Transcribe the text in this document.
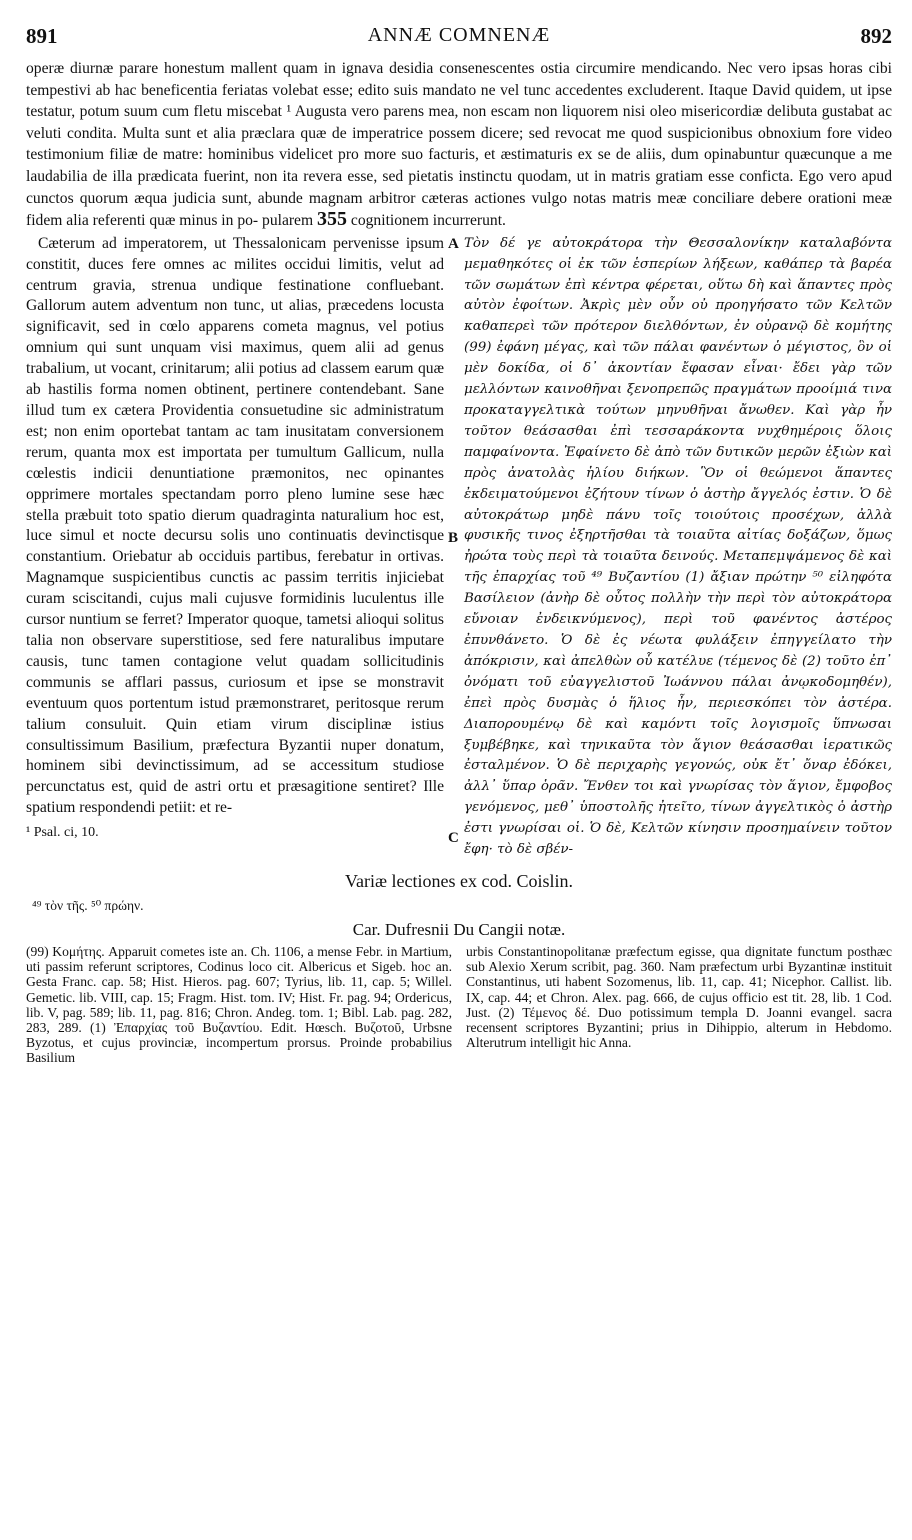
891	ANNÆ COMNENÆ	892

operæ diurnæ parare honestum mallent quam in ignava desidia consenescentes ostia circumire mendicando. Nec vero ipsas horas cibi tempestivi ab hac beneficentia feriatas volebat esse; edito suis mandato ne vel tunc accedentes excluderent. Itaque David quidem, ut ipse testatur, potum suum cum fletu miscebat ¹ Augusta vero parens mea, non escam non liquorem nisi oleo misericordiæ delibuta gustabat ac veluti condita. Multa sunt et alia præclara quæ de imperatrice possem dicere; sed revocat me quod suspicionibus obnoxium fore video testimonium filiæ de matre: hominibus videlicet pro more suo facturis, et æstimaturis ex se de aliis, dum opinabuntur quæcunque a me laudabilia de illa prædicata fuerint, non ita revera esse, sed pietatis instinctu quodam, ut in matris gratiam esse conficta. Ego vero apud cunctos quorum æqua judicia sunt, abunde magnam arbitror cæteras actiones vulgo notas matris meæ conciliare debere orationi meæ fidem alia referenti quæ minus in po- pularem 355 cognitionem incurrerunt.

Cæterum ad imperatorem, ut Thessalonicam pervenisse ipsum constitit, duces fere omnes ac milites occidui limitis, velut ad centrum gravia, strenua undique festinatione confluebant. Gallorum autem adventum non tunc, ut alias, præcedens locusta significavit, sed in cœlo apparens cometa magnus, vel potius omnium qui sunt unquam visi maximus, quem alii ad genus trabalium, ut vocant, crinitarum; alii potius ad classem earum quæ ab hastilis forma nomen obtinent, pertinere contendebant. Sane illud tum ex cætera Providentia consuetudine sic administratum est; non enim oportebat tantam ac tam inusitatam conversionem rerum, quanta mox est importata per tumultum Gallicum, nulla cœlestis indicii denuntiatione præmonitos, nec opinantes opprimere mortales spectandam porro pleno lumine sese hæc stella præbuit toto spatio dierum quadraginta naturalium hoc est, luce simul et nocte decursu solis uno continuatis devinctisque constantium. Oriebatur ab occiduis partibus, ferebatur in ortivas. Magnamque suspicientibus cunctis ac passim territis injiciebat curam sciscitandi, cujus mali cujusve formidinis luculentus ille cursor nuntium se ferret? Imperator quoque, tametsi alioqui solitus talia non observare superstitiose, sed fere naturalibus imputare causis, tunc tamen contagione velut quadam sollicitudinis communis se afflari passus, curiosum et ipse se monstravit eventuum quos portentum istud præmonstraret, peritosque rerum talium consuluit. Quin etiam virum disciplinæ istius consultissimum Basilium, præfectura Byzantii nuper donatum, hominem sibi devinctissimum, ad se accessitum studiose percunctatus est, quid de astri ortu et præsagitione sentiret? Ille spatium respondendi petiit: et re-

¹ Psal. ci, 10.
A
B
C

Τὸν δέ γε αὐτοκράτορα τὴν Θεσσαλονίκην καταλαβόντα μεμαθηκότες οἱ ἐκ τῶν ἑσπερίων λήξεων, καθάπερ τὰ βαρέα τῶν σωμάτων ἐπὶ κέντρα φέρεται, οὕτω δὴ καὶ ἅπαντες πρὸς αὐτὸν ἐφοίτων. Ἀκρὶς μὲν οὖν οὐ προηγήσατο τῶν Κελτῶν καθαπερεὶ τῶν πρότερον διελθόντων, ἐν οὐρανῷ δὲ κομήτης (99) ἐφάνη μέγας, καὶ τῶν πάλαι φανέντων ὁ μέγιστος, ὃν οἱ μὲν δοκίδα, οἱ δ᾽ ἀκοντίαν ἔφασαν εἶναι· ἔδει γὰρ τῶν μελλόντων καινοθῆναι ξενοπρεπῶς πραγμάτων προοίμιά τινα προκαταγγελτικὰ τούτων μηνυθῆναι ἄνωθεν. Καὶ γὰρ ἦν τοῦτον θεάσασθαι ἐπὶ τεσσαράκοντα νυχθημέροις ὅλοις παμφαίνοντα. Ἐφαίνετο δὲ ἀπὸ τῶν δυτικῶν μερῶν ἐξιὼν καὶ πρὸς ἀνατολὰς ἡλίου διήκων. Ὃν οἱ θεώμενοι ἅπαντες ἐκδειματούμενοι ἐζήτουν τίνων ὁ ἀστὴρ ἄγγελός ἐστιν. Ὁ δὲ αὐτοκράτωρ μηδὲ πάνυ τοῖς τοιούτοις προσέχων, ἀλλὰ φυσικῆς τινος ἐξηρτῆσθαι τὰ τοιαῦτα αἰτίας δοξάζων, ὅμως ἠρώτα τοὺς περὶ τὰ τοιαῦτα δεινούς. Μεταπεμψάμενος δὲ καὶ τῆς ἐπαρχίας τοῦ ⁴⁹ Βυζαντίου (1) ἄξιαν πρώτην ⁵⁰ εἰληφότα Βασίλειον (ἀνὴρ δὲ οὗτος πολλὴν τὴν περὶ τὸν αὐτοκράτορα εὔνοιαν ἐνδεικνύμενος), περὶ τοῦ φανέντος ἀστέρος ἐπυνθάνετο. Ὁ δὲ ἐς νέωτα φυλάξειν ἐπηγγείλατο τὴν ἀπόκρισιν, καὶ ἀπελθὼν οὗ κατέλυε (τέμενος δὲ (2) τοῦτο ἐπ᾽ ὀνόματι τοῦ εὐαγγελιστοῦ Ἰωάννου πάλαι ἀνῳκοδομηθέν), ἐπεὶ πρὸς δυσμὰς ὁ ἥλιος ἦν, περιεσκόπει τὸν ἀστέρα. Διαπορουμένῳ δὲ καὶ καμόντι τοῖς λογισμοῖς ὕπνωσαι ξυμβέβηκε, καὶ τηνικαῦτα τὸν ἅγιον θεάσασθαι ἱερατικῶς ἐσταλμένον. Ὁ δὲ περιχαρὴς γεγονώς, οὐκ ἔτ᾽ ὄναρ ἐδόκει, ἀλλ᾽ ὕπαρ ὁρᾶν. Ἔνθεν τοι καὶ γνωρίσας τὸν ἅγιον, ἔμφοβος γενόμενος, μεθ᾽ ὑποστολῆς ἠτεῖτο, τίνων ἀγγελτικὸς ὁ ἀστὴρ ἐστι γνωρίσαι οἱ. Ὁ δὲ, Κελτῶν κίνησιν προσημαίνειν τοῦτον ἔφη· τὸ δὲ σβέν-

Variæ lectiones ex cod. Coislin.
⁴⁹ τὸν τῆς. ⁵⁰ πρώην.
Car. Dufresnii Du Cangii notæ.

(99) Κομήτης. Apparuit cometes iste an. Ch. 1106, a mense Febr. in Martium, uti passim referunt scriptores, Codinus loco cit. Albericus et Sigeb. hoc an. Gesta Franc. cap. 58; Hist. Hieros. pag. 607; Tyrius, lib. 11, cap. 5; Willel. Gemetic. lib. VIII, cap. 15; Fragm. Hist. tom. IV; Hist. Fr. pag. 94; Ordericus, lib. V, pag. 589; lib. 11, pag. 816; Chron. Andeg. tom. 1; Bibl. Lab. pag. 282, 283, 289. (1) Ἐπαρχίας τοῦ Βυζαντίου. Edit. Hœsch. Βυζοτοῦ, Urbsne Byzotus, et cujus provinciæ, incompertum prorsus. Proinde probabilius Basilium

urbis Constantinopolitanæ præfectum egisse, qua dignitate functum posthæc sub Alexio Xerum scribit, pag. 360. Nam præfectum urbi Byzantinæ instituit Constantinus, uti habent Sozomenus, lib. 11, cap. 41; Nicephor. Callist. lib. IX, cap. 44; et Chron. Alex. pag. 666, de cujus officio est tit. 28, lib. 1 Cod. Just. (2) Τέμενος δέ. Duo potissimum templa D. Joanni evangel. sacra recensent scriptores Byzantini; prius in Dihippio, alterum in Hebdomo. Alterutrum intelligit hic Anna.
